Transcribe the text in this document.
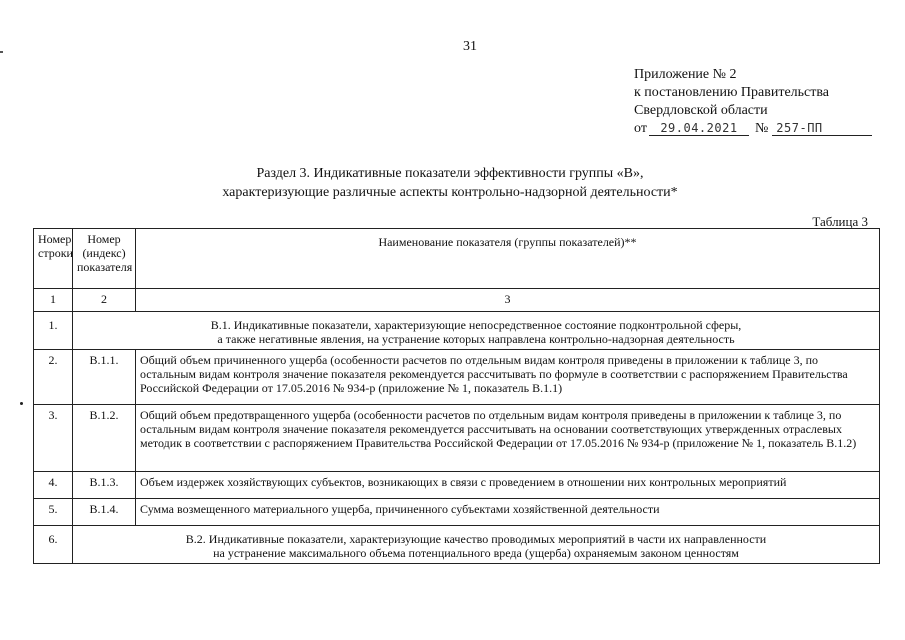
31
Приложение № 2
к постановлению Правительства
Свердловской области
от 29.04.2021 № 257-ПП
Раздел 3. Индикативные показатели эффективности группы «В»,
характеризующие различные аспекты контрольно-надзорной деятельности*
Таблица 3
Номер строки	Номер (индекс) показателя	Наименование показателя (группы показателей)**
1	2	3
1.	В.1. Индикативные показатели, характеризующие непосредственное состояние подконтрольной сферы,
а также негативные явления, на устранение которых направлена контрольно-надзорная деятельность	

2.	В.1.1.	Общий объем причиненного ущерба (особенности расчетов по отдельным видам контроля приведены в приложении к таблице 3, по остальным видам контроля значение показателя рекомендуется рассчитывать по формуле в соответствии с распоряжением Правительства Российской Федерации от 17.05.2016 № 934-р (приложение № 1, показатель В.1.1)
3.	В.1.2.	Общий объем предотвращенного ущерба (особенности расчетов по отдельным видам контроля приведены в приложении к таблице 3, по остальным видам контроля значение показателя рекомендуется рассчитывать на основании соответствующих утвержденных отраслевых методик в соответствии с распоряжением Правительства Российской Федерации от 17.05.2016 № 934-р (приложение № 1, показатель В.1.2)
4.	В.1.3.	Объем издержек хозяйствующих субъектов, возникающих в связи с проведением в отношении них контрольных мероприятий
5.	В.1.4.	Сумма возмещенного материального ущерба, причиненного субъектами хозяйственной деятельности
6.	В.2. Индикативные показатели, характеризующие качество проводимых мероприятий в части их направленности
на устранение максимального объема потенциального вреда (ущерба) охраняемым законом ценностям	
